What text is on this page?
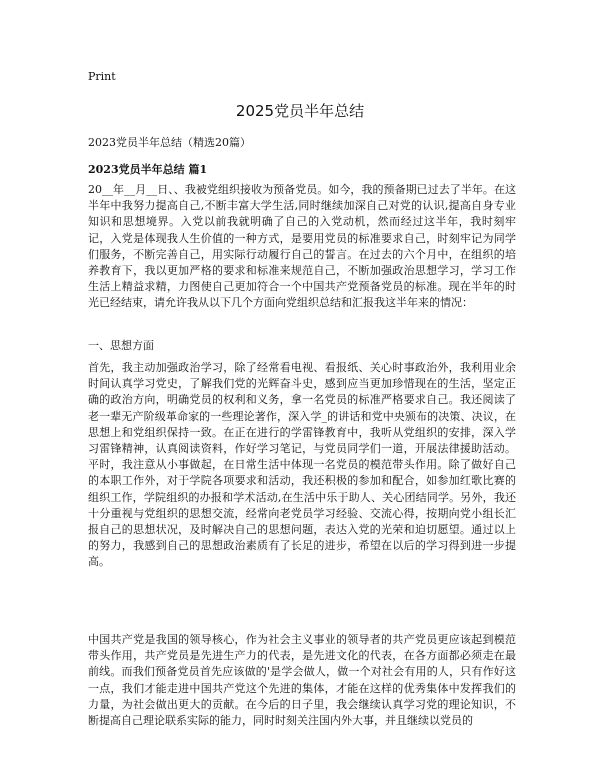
Print
2025党员半年总结
2023党员半年总结（精选20篇）
2023党员半年总结 篇1

20__年__月__日、、我被党组织接收为预备党员。如今，我的预备期已过去了半年。在这半年中我努力提高自己,不断丰富大学生活,同时继续加深自己对党的认识,提高自身专业知识和思想境界。入党以前我就明确了自己的入党动机，然而经过这半年，我时刻牢记，入党是体现我人生价值的一种方式，是要用党员的标准要求自己，时刻牢记为同学们服务，不断完善自己，用实际行动履行自己的誓言。在过去的六个月中，在组织的培养教育下，我以更加严格的要求和标准来规范自己，不断加强政治思想学习，学习工作生活上精益求精，力图使自己更加符合一个中国共产党预备党员的标准。现在半年的时光已经结束，请允许我从以下几个方面向党组织总结和汇报我这半年来的情况：

一、思想方面

首先，我主动加强政治学习，除了经常看电视、看报纸、关心时事政治外，我利用业余时间认真学习党史，了解我们党的光辉奋斗史，感到应当更加珍惜现在的生活，坚定正确的政治方向，明确党员的权利和义务，拿一名党员的标准严格要求自己。我还阅读了老一辈无产阶级革命家的一些理论著作，深入学_的讲话和党中央颁布的决策、决议，在思想上和党组织保持一致。在正在进行的学雷锋教育中，我听从党组织的安排，深入学习雷锋精神，认真阅读资料，作好学习笔记，与党员同学们一道，开展法律援助活动。平时，我注意从小事做起，在日常生活中体现一名党员的模范带头作用。除了做好自己的本职工作外，对于学院各项要求和活动，我还积极的参加和配合，如参加红歌比赛的组织工作，学院组织的办报和学术活动,在生活中乐于助人、关心团结同学。另外，我还十分重视与党组织的思想交流，经常向老党员学习经验、交流心得，按期向党小组长汇报自己的思想状况，及时解决自己的思想问题，表达入党的光荣和迫切愿望。通过以上的努力，我感到自己的思想政治素质有了长足的进步，希望在以后的学习得到进一步提高。

中国共产党是我国的领导核心，作为社会主义事业的领导者的共产党员更应该起到模范带头作用，共产党员是先进生产力的代表，是先进文化的代表，在各方面都必须走在最前线。而我们预备党员首先应该做的'是学会做人，做一个对社会有用的人，只有作好这一点，我们才能走进中国共产党这个先进的集体，才能在这样的优秀集体中发挥我们的力量，为社会做出更大的贡献。在今后的日子里，我会继续认真学习党的理论知识，不断提高自己理论联系实际的能力，同时时刻关注国内外大事，并且继续以党员的
